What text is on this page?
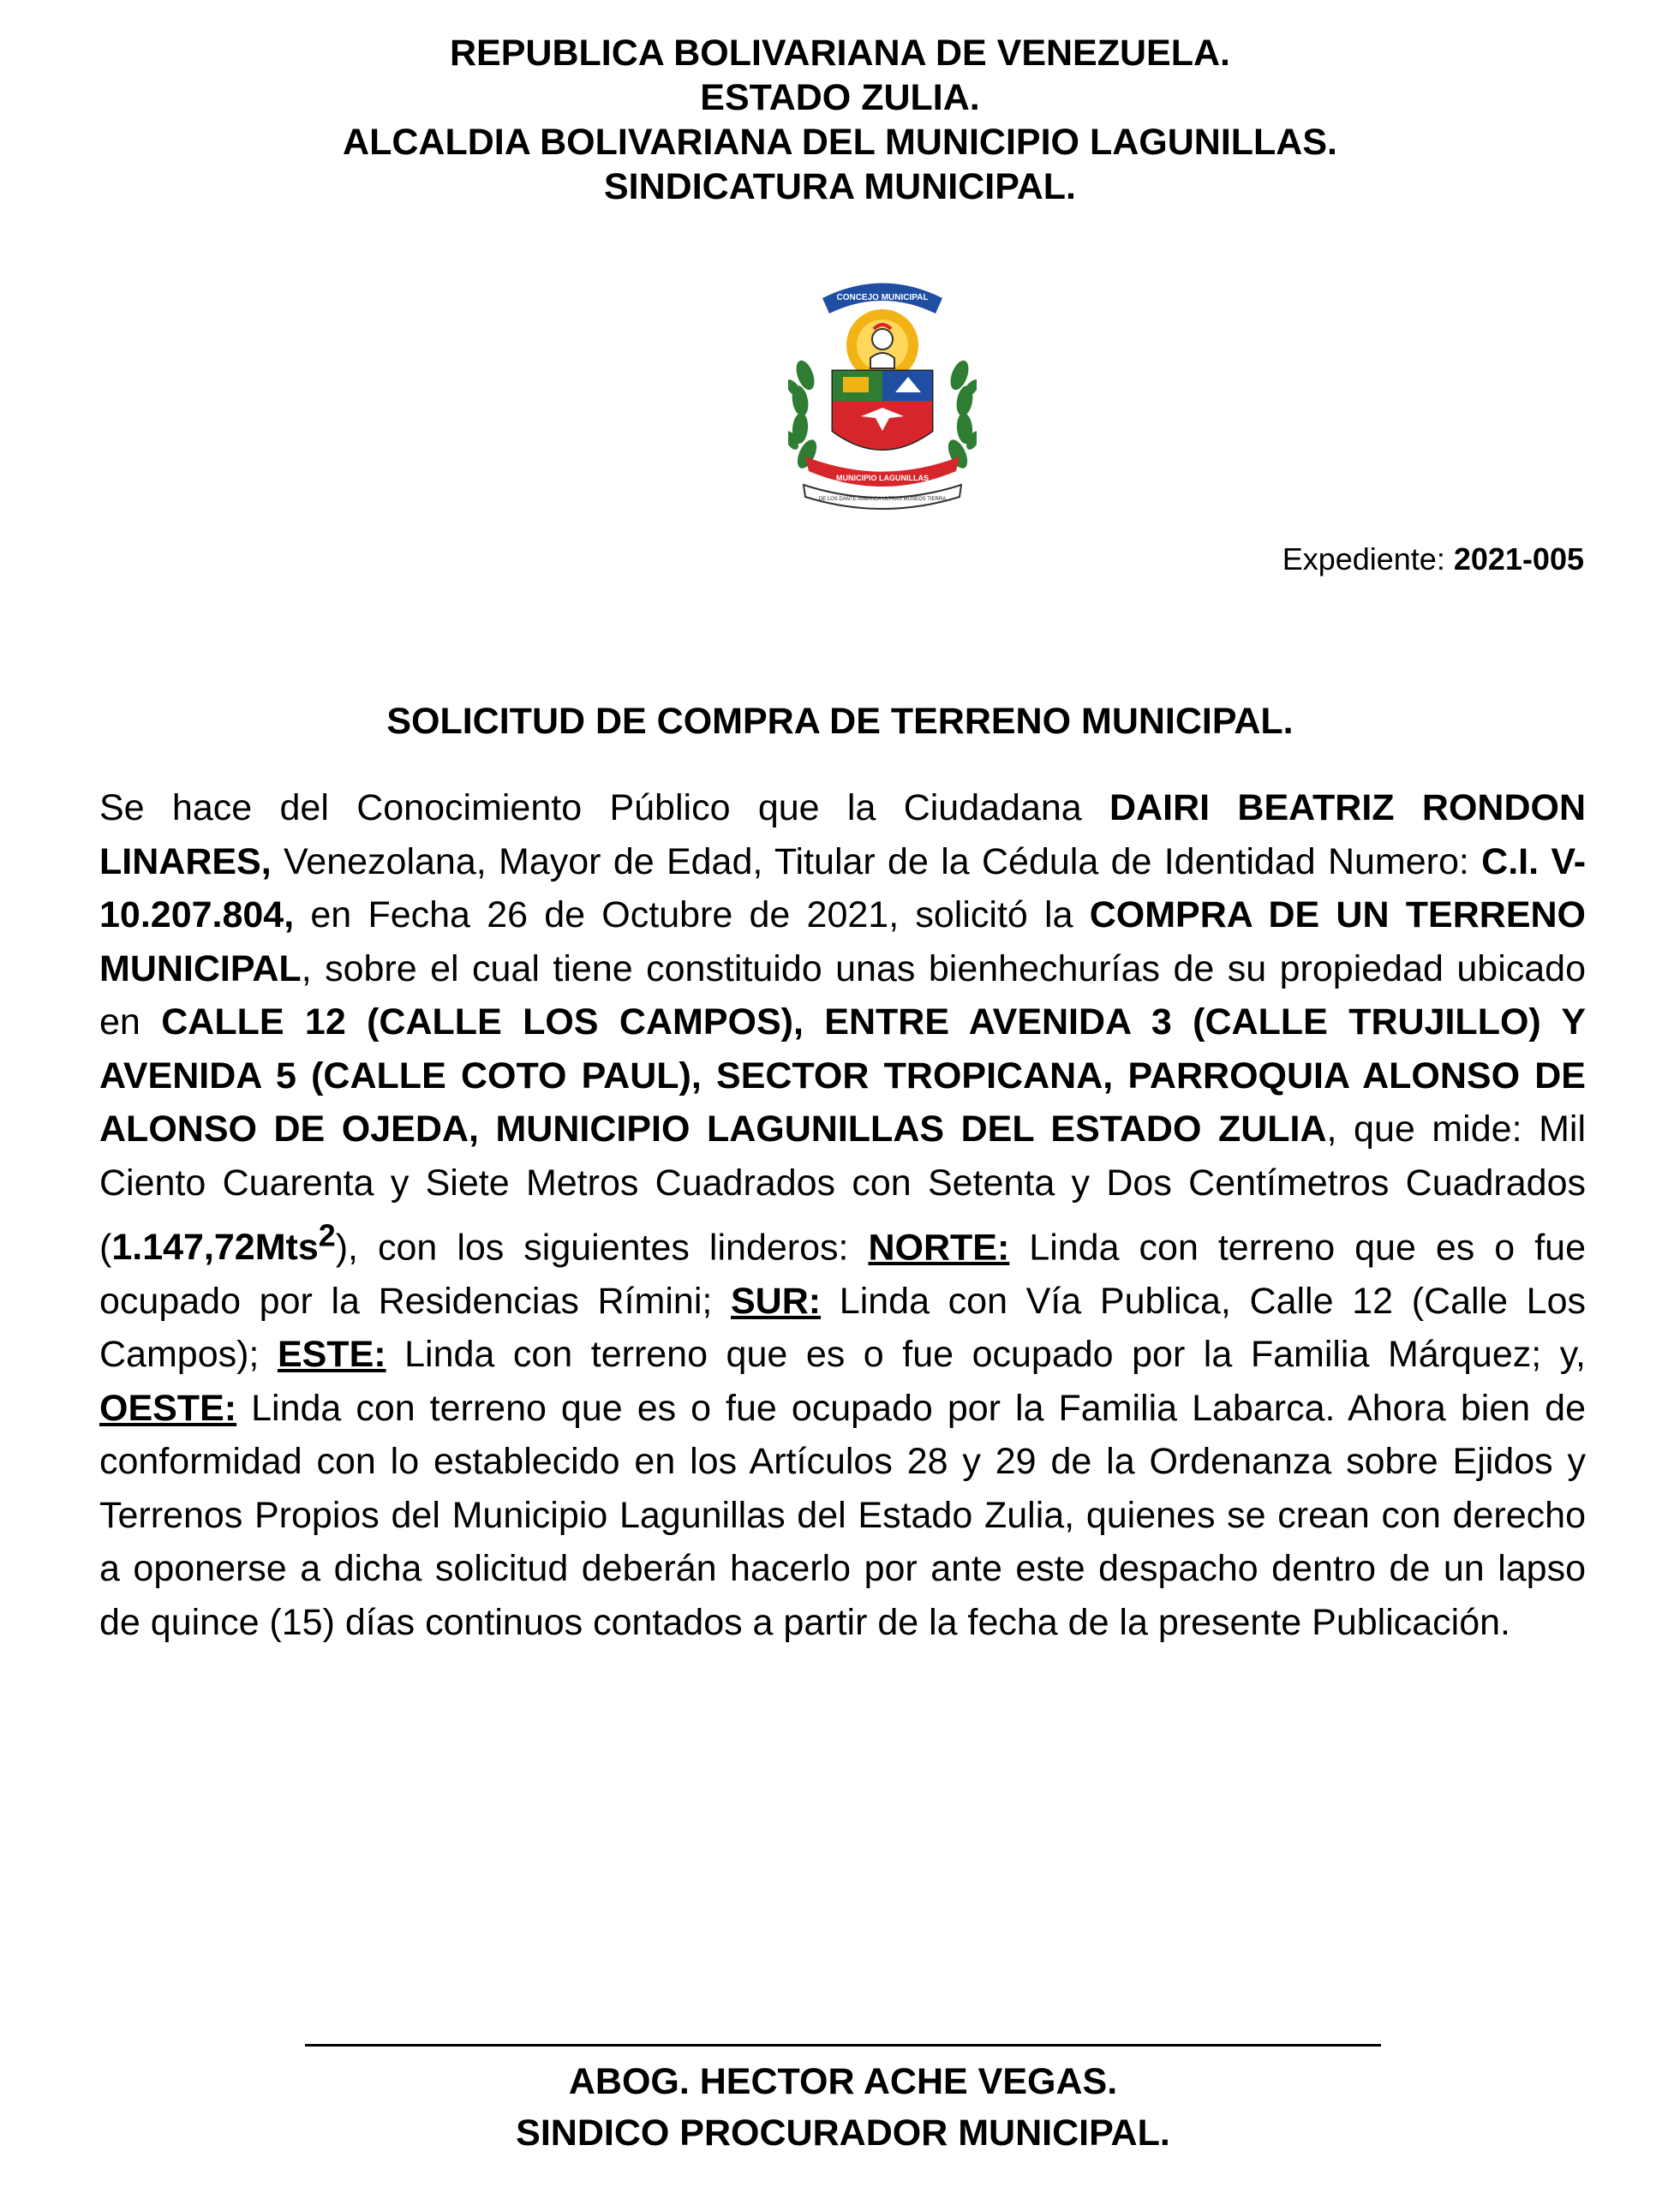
REPUBLICA BOLIVARIANA DE VENEZUELA.
ESTADO ZULIA.
ALCALDIA BOLIVARIANA DEL MUNICIPIO LAGUNILLAS.
SINDICATURA MUNICIPAL.
CONCEJO MUNICIPAL
MUNICIPIO LAGUNILLAS
DE LOS DANTE AMERICA ULTRAS MUSEOS TIERRA
Expediente: 2021-005
SOLICITUD DE COMPRA DE TERRENO MUNICIPAL.
Se hace del Conocimiento Público que la Ciudadana DAIRI BEATRIZ RONDON LINARES, Venezolana, Mayor de Edad, Titular de la Cédula de Identidad Numero: C.I. V-10.207.804, en Fecha 26 de Octubre de 2021, solicitó la COMPRA DE UN TERRENO MUNICIPAL, sobre el cual tiene constituido unas bienhechurías de su propiedad ubicado en CALLE 12 (CALLE LOS CAMPOS), ENTRE AVENIDA 3 (CALLE TRUJILLO) Y AVENIDA 5 (CALLE COTO PAUL), SECTOR TROPICANA, PARROQUIA ALONSO DE ALONSO DE OJEDA, MUNICIPIO LAGUNILLAS DEL ESTADO ZULIA, que mide: Mil Ciento Cuarenta y Siete Metros Cuadrados con Setenta y Dos Centímetros Cuadrados (1.147,72Mts$^2$), con los siguientes linderos: NORTE: Linda con terreno que es o fue ocupado por la Residencias Rímini; SUR: Linda con Vía Publica, Calle 12 (Calle Los Campos); ESTE: Linda con terreno que es o fue ocupado por la Familia Márquez; y, OESTE: Linda con terreno que es o fue ocupado por la Familia Labarca. Ahora bien de conformidad con lo establecido en los Artículos 28 y 29 de la Ordenanza sobre Ejidos y Terrenos Propios del Municipio Lagunillas del Estado Zulia, quienes se crean con derecho a oponerse a dicha solicitud deberán hacerlo por ante este despacho dentro de un lapso de quince (15) días continuos contados a partir de la fecha de la presente Publicación.
ABOG. HECTOR ACHE VEGAS.
SINDICO PROCURADOR MUNICIPAL.
